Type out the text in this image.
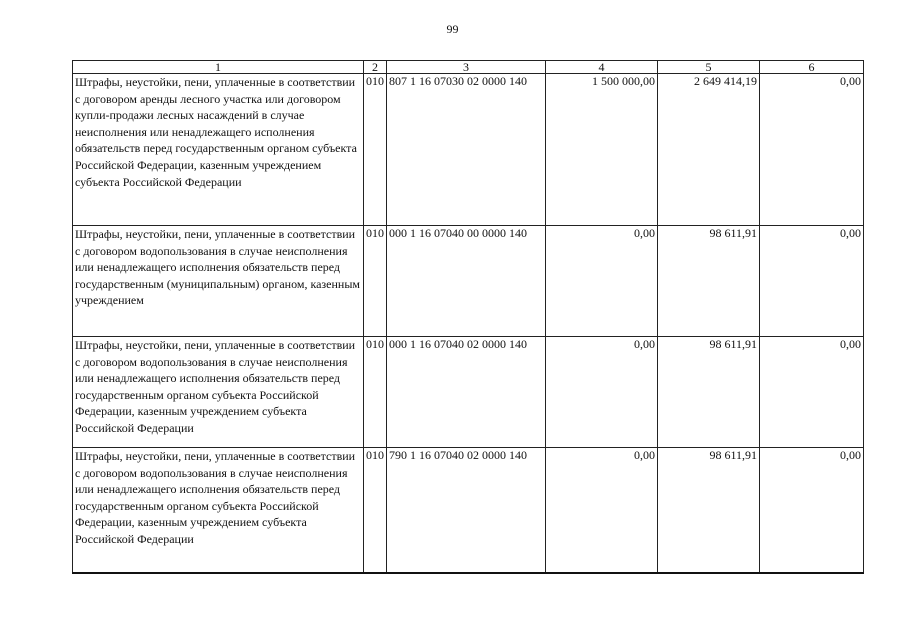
99
1	2	3	4	5	6
Штрафы, неустойки, пени, уплаченные в соответствии с договором аренды лесного участка или договором купли-продажи лесных насаждений в случае неисполнения или ненадлежащего исполнения обязательств перед государственным органом субъекта Российской Федерации, казенным учреждением субъекта Российской Федерации	010	807 1 16 07030 02 0000 140	1 500 000,00	2 649 414,19	0,00
Штрафы, неустойки, пени, уплаченные в соответствии с договором водопользования в случае неисполнения или ненадлежащего исполнения обязательств перед государственным (муниципальным) органом, казенным учреждением	010	000 1 16 07040 00 0000 140	0,00	98 611,91	0,00
Штрафы, неустойки, пени, уплаченные в соответствии с договором водопользования в случае неисполнения или ненадлежащего исполнения обязательств перед государственным органом субъекта Российской Федерации, казенным учреждением субъекта Российской Федерации	010	000 1 16 07040 02 0000 140	0,00	98 611,91	0,00
Штрафы, неустойки, пени, уплаченные в соответствии с договором водопользования в случае неисполнения или ненадлежащего исполнения обязательств перед государственным органом субъекта Российской Федерации, казенным учреждением субъекта Российской Федерации	010	790 1 16 07040 02 0000 140	0,00	98 611,91	0,00
